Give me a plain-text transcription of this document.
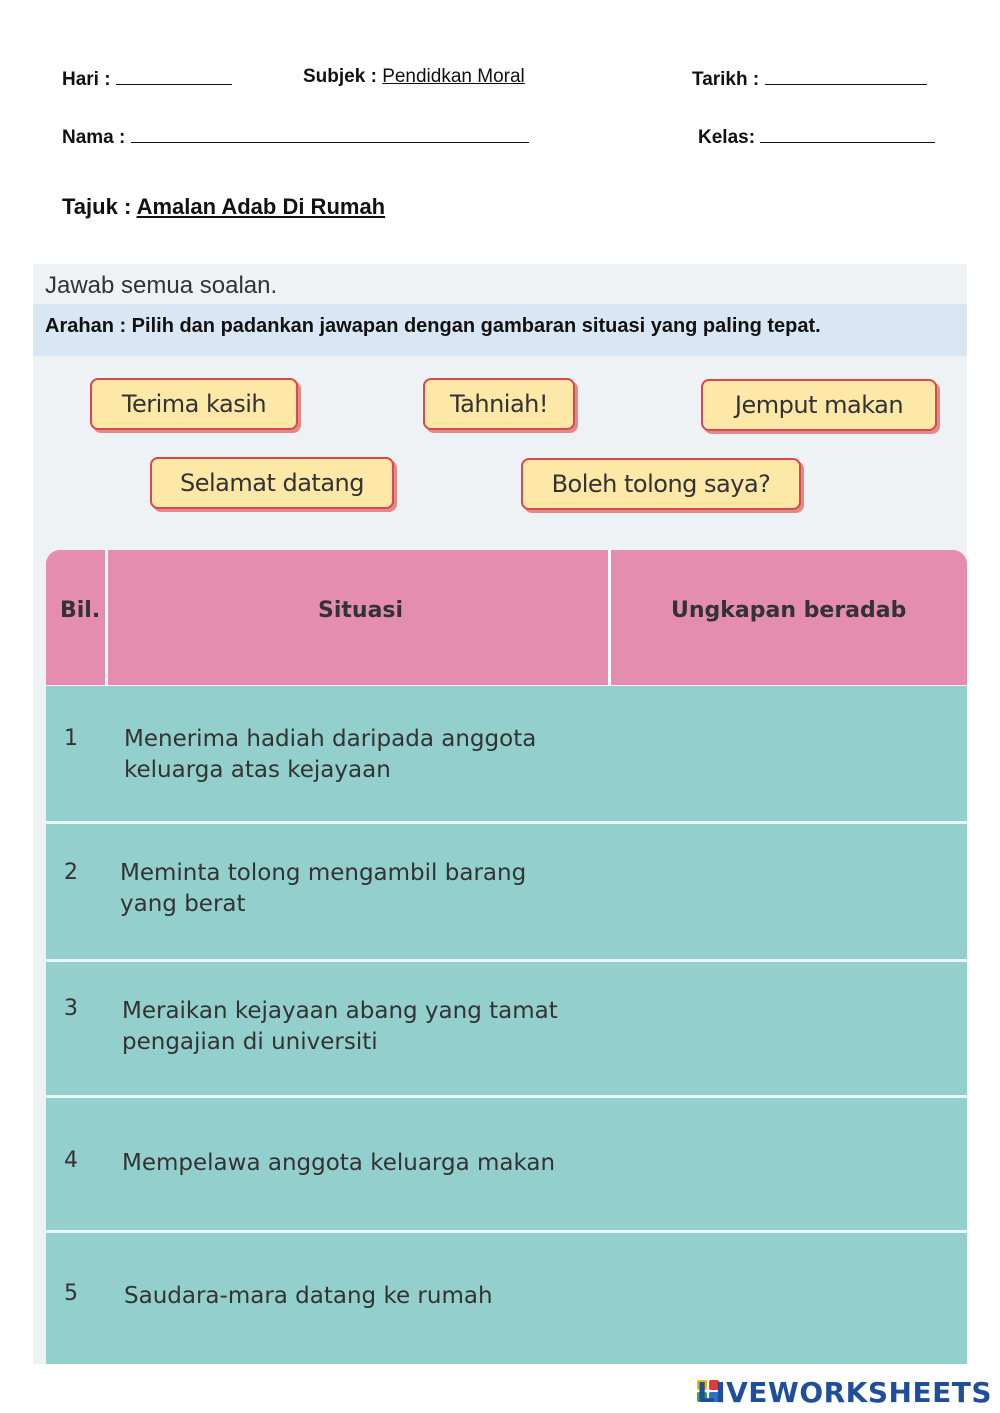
Hari :	Subjek : Pendidkan Moral	Tarikh :
Nama :	Kelas:
Tajuk : Amalan Adab Di Rumah
Jawab semua soalan.
Arahan : Pilih dan padankan jawapan dengan gambaran situasi yang paling tepat.
Terima kasih	Tahniah!	Jemput makan
Selamat datang	Boleh tolong saya?
Bil.	Situasi	Ungkapan beradab
1 Menerima hadiah daripada anggota keluarga atas kejayaan
2 Meminta tolong mengambil barang yang berat
3 Meraikan kejayaan abang yang tamat pengajian di universiti
4 Mempelawa anggota keluarga makan
5 Saudara-mara datang ke rumah
LIVEWORKSHEETS
